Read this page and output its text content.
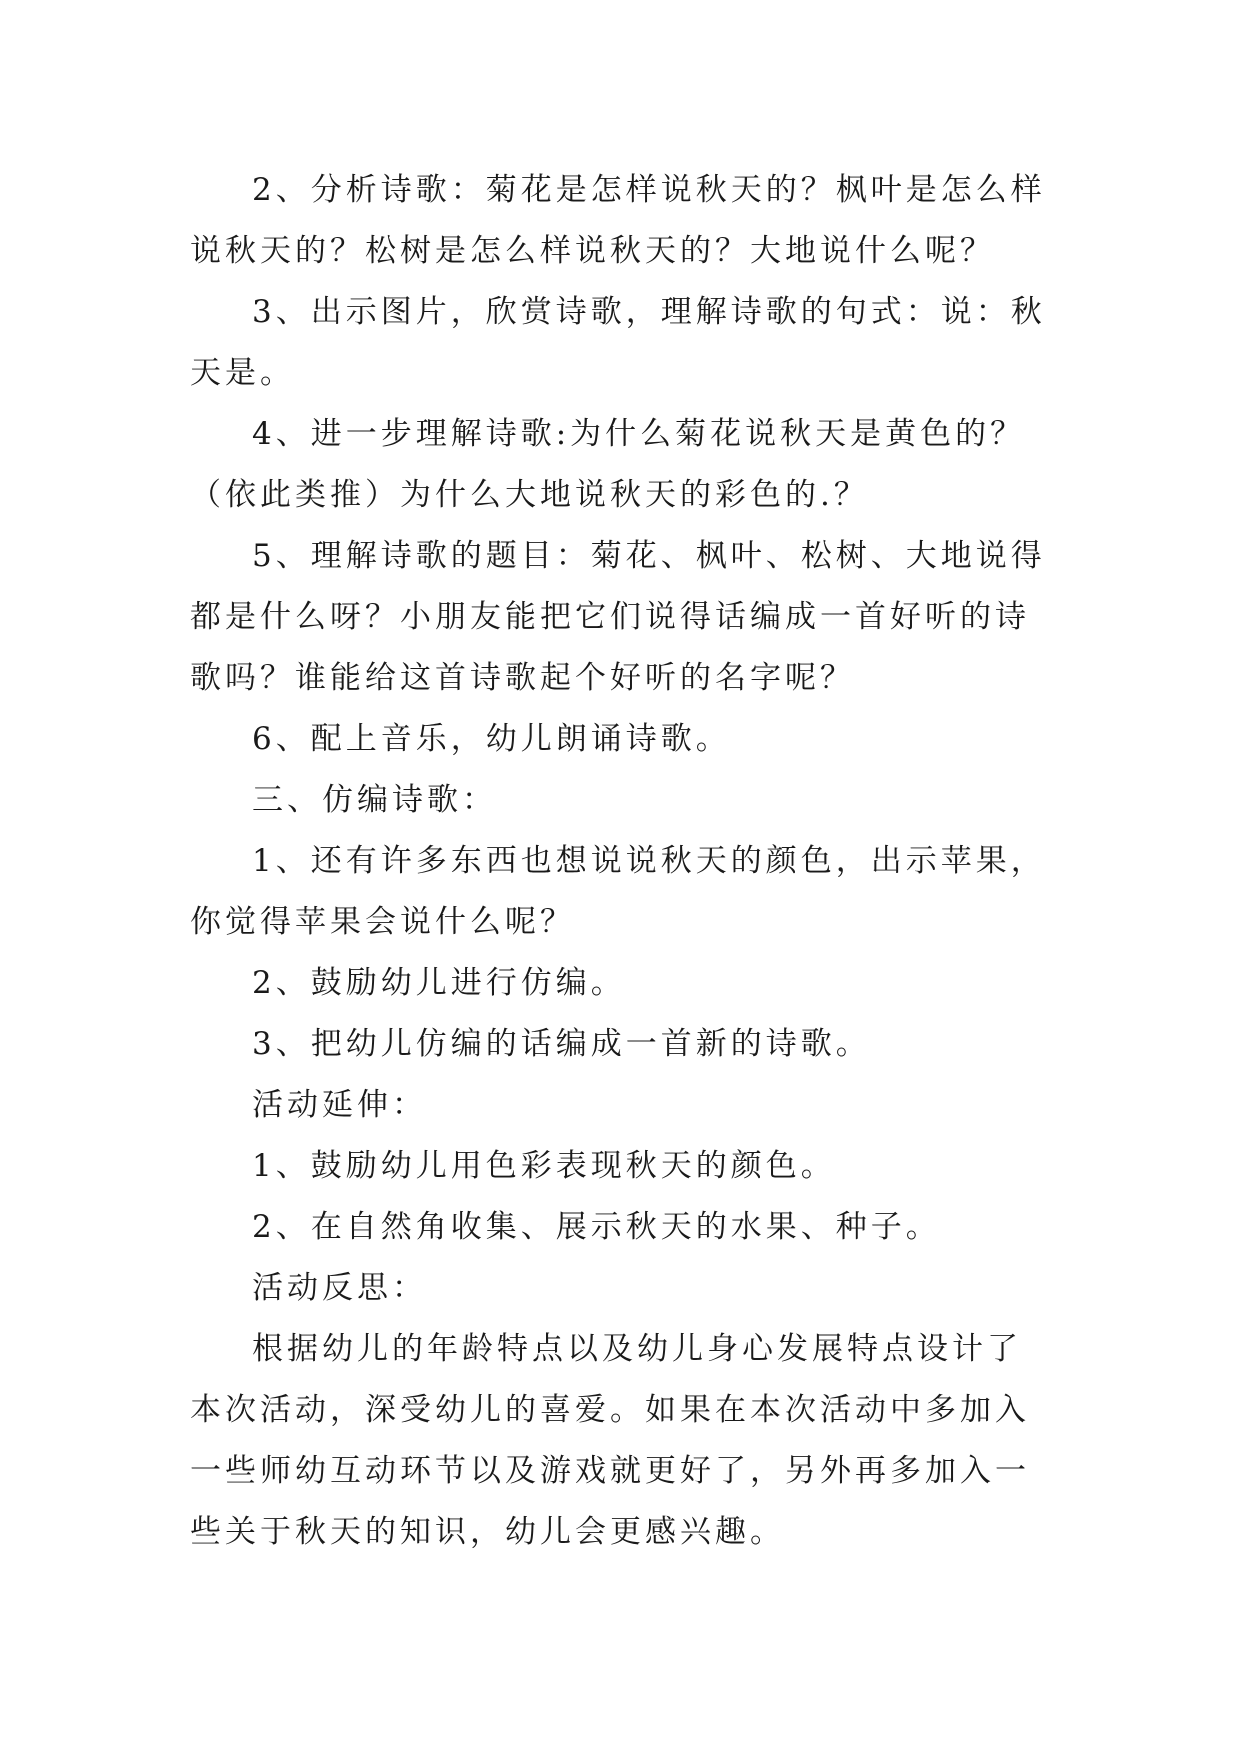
2、分析诗歌：菊花是怎样说秋天的？枫叶是怎么样说秋天的？松树是怎么样说秋天的？大地说什么呢？

3、出示图片，欣赏诗歌，理解诗歌的句式：说：秋天是。

4、进一步理解诗歌:为什么菊花说秋天是黄色的？（依此类推）为什么大地说秋天的彩色的.？

5、理解诗歌的题目：菊花、枫叶、松树、大地说得都是什么呀？小朋友能把它们说得话编成一首好听的诗歌吗？谁能给这首诗歌起个好听的名字呢？

6、配上音乐，幼儿朗诵诗歌。

三、仿编诗歌：

1、还有许多东西也想说说秋天的颜色，出示苹果，你觉得苹果会说什么呢？

2、鼓励幼儿进行仿编。

3、把幼儿仿编的话编成一首新的诗歌。

活动延伸：

1、鼓励幼儿用色彩表现秋天的颜色。

2、在自然角收集、展示秋天的水果、种子。

活动反思：

根据幼儿的年龄特点以及幼儿身心发展特点设计了本次活动，深受幼儿的喜爱。如果在本次活动中多加入一些师幼互动环节以及游戏就更好了，另外再多加入一些关于秋天的知识，幼儿会更感兴趣。
